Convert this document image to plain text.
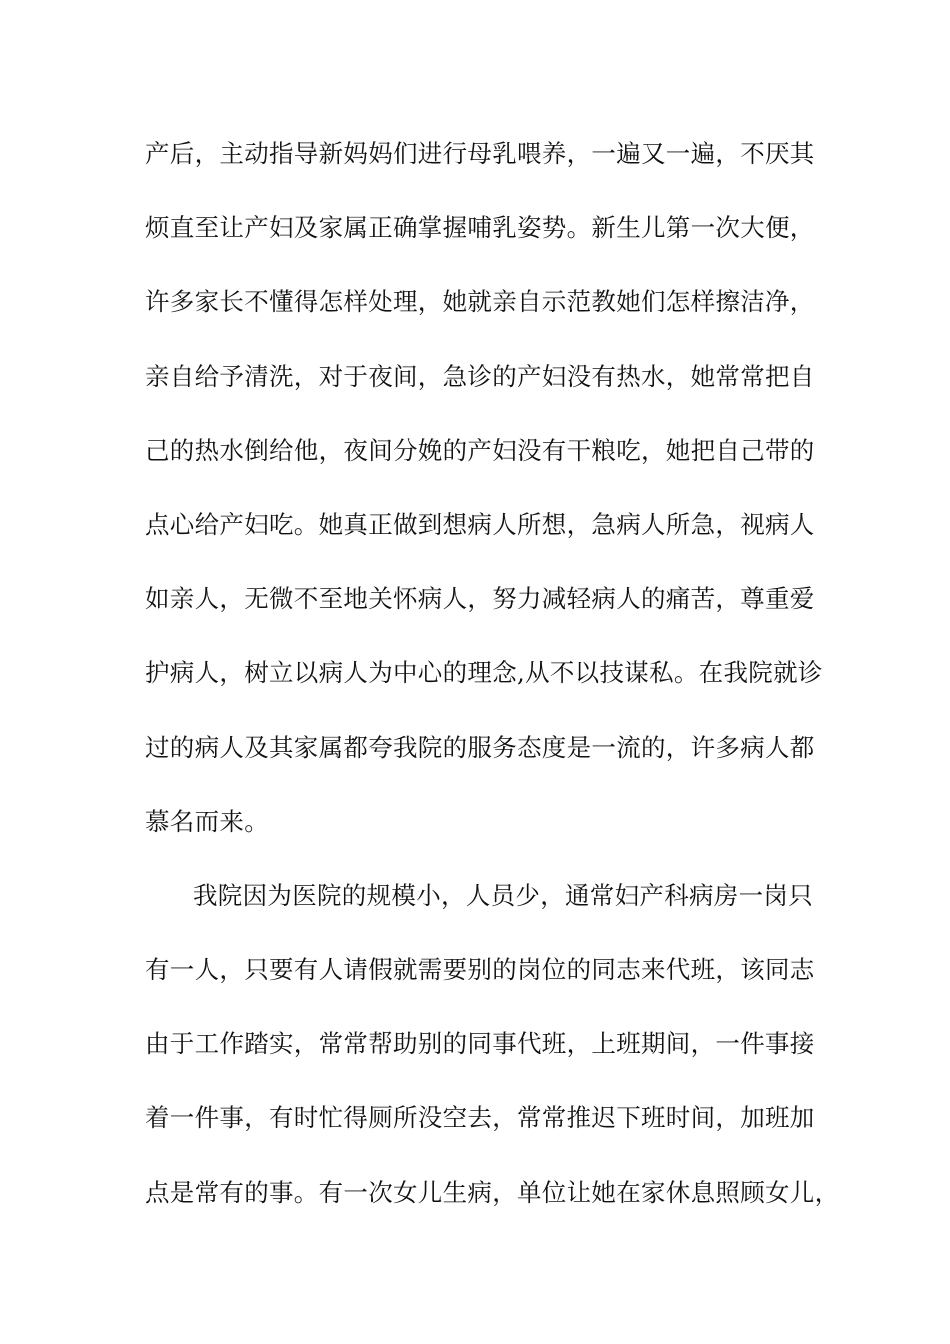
产后，主动指导新妈妈们进行母乳喂养，一遍又一遍，不厌其
烦直至让产妇及家属正确掌握哺乳姿势。新生儿第一次大便，
许多家长不懂得怎样处理，她就亲自示范教她们怎样擦洁净，
亲自给予清洗，对于夜间，急诊的产妇没有热水，她常常把自
己的热水倒给他，夜间分娩的产妇没有干粮吃，她把自己带的
点心给产妇吃。她真正做到想病人所想，急病人所急，视病人
如亲人，无微不至地关怀病人，努力减轻病人的痛苦，尊重爱
护病人，树立以病人为中心的理念,从不以技谋私。在我院就诊
过的病人及其家属都夸我院的服务态度是一流的，许多病人都
慕名而来。
我院因为医院的规模小，人员少，通常妇产科病房一岗只
有一人，只要有人请假就需要别的岗位的同志来代班，该同志
由于工作踏实，常常帮助别的同事代班，上班期间，一件事接
着一件事，有时忙得厕所没空去，常常推迟下班时间，加班加
点是常有的事。有一次女儿生病，单位让她在家休息照顾女儿，
